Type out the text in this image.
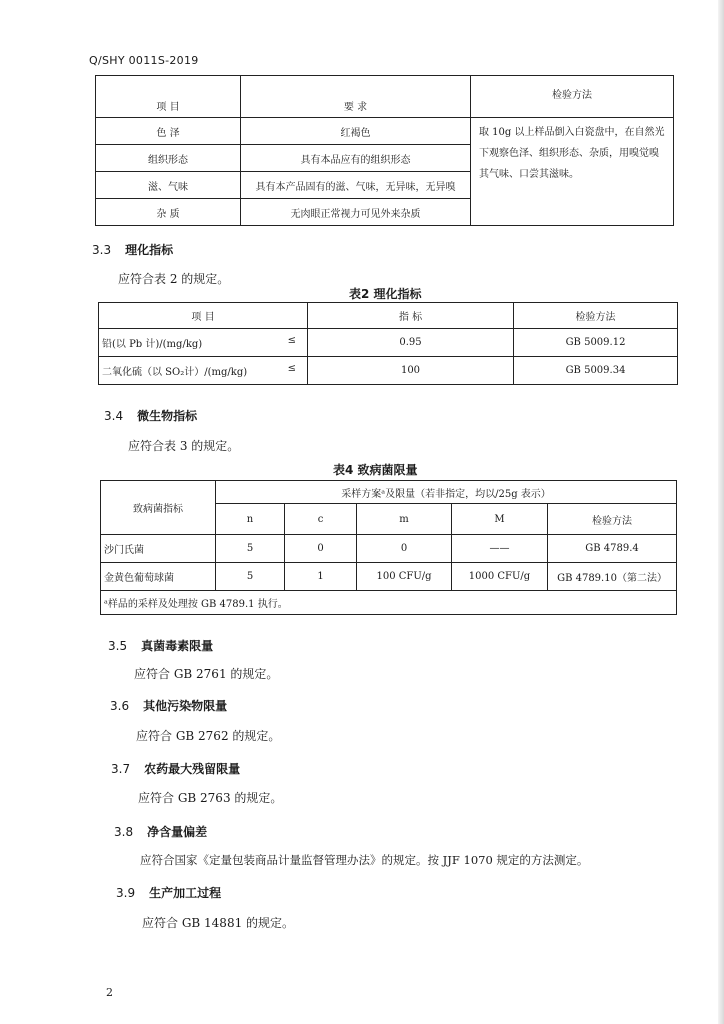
Q/SHY 0011S-2019
项 目	要 求	检验方法
色 泽	红褐色	取 10g 以上样品倒入白瓷盘中，在自然光下观察色泽、组织形态、杂质，用嗅觉嗅其气味、口尝其滋味。
组织形态	具有本品应有的组织形态	
滋、气味	具有本产品固有的滋、气味，无异味，无异嗅	
杂 质	无肉眼正常视力可见外来杂质	
3.3 理化指标
应符合表 2 的规定。
表2 理化指标
项 目	指 标	检验方法
铅(以 Pb 计)/(mg/kg) ≤	0.95	GB 5009.12
二氧化硫（以 SO₂计）/(mg/kg) ≤	100	GB 5009.34
3.4 微生物指标
应符合表 3 的规定。
表4 致病菌限量
致病菌指标	采样方案ᵃ及限量（若非指定，均以/25g 表示）				
	n	c	m	M	检验方法
沙门氏菌	5	0	0	——	GB 4789.4
金黄色葡萄球菌	5	1	100 CFU/g	1000 CFU/g	GB 4789.10（第二法）
ᵃ样品的采样及处理按 GB 4789.1 执行。					
3.5 真菌毒素限量
应符合 GB 2761 的规定。
3.6 其他污染物限量
应符合 GB 2762 的规定。
3.7 农药最大残留限量
应符合 GB 2763 的规定。
3.8 净含量偏差
应符合国家《定量包装商品计量监督管理办法》的规定。按 JJF 1070 规定的方法测定。
3.9 生产加工过程
应符合 GB 14881 的规定。
2
